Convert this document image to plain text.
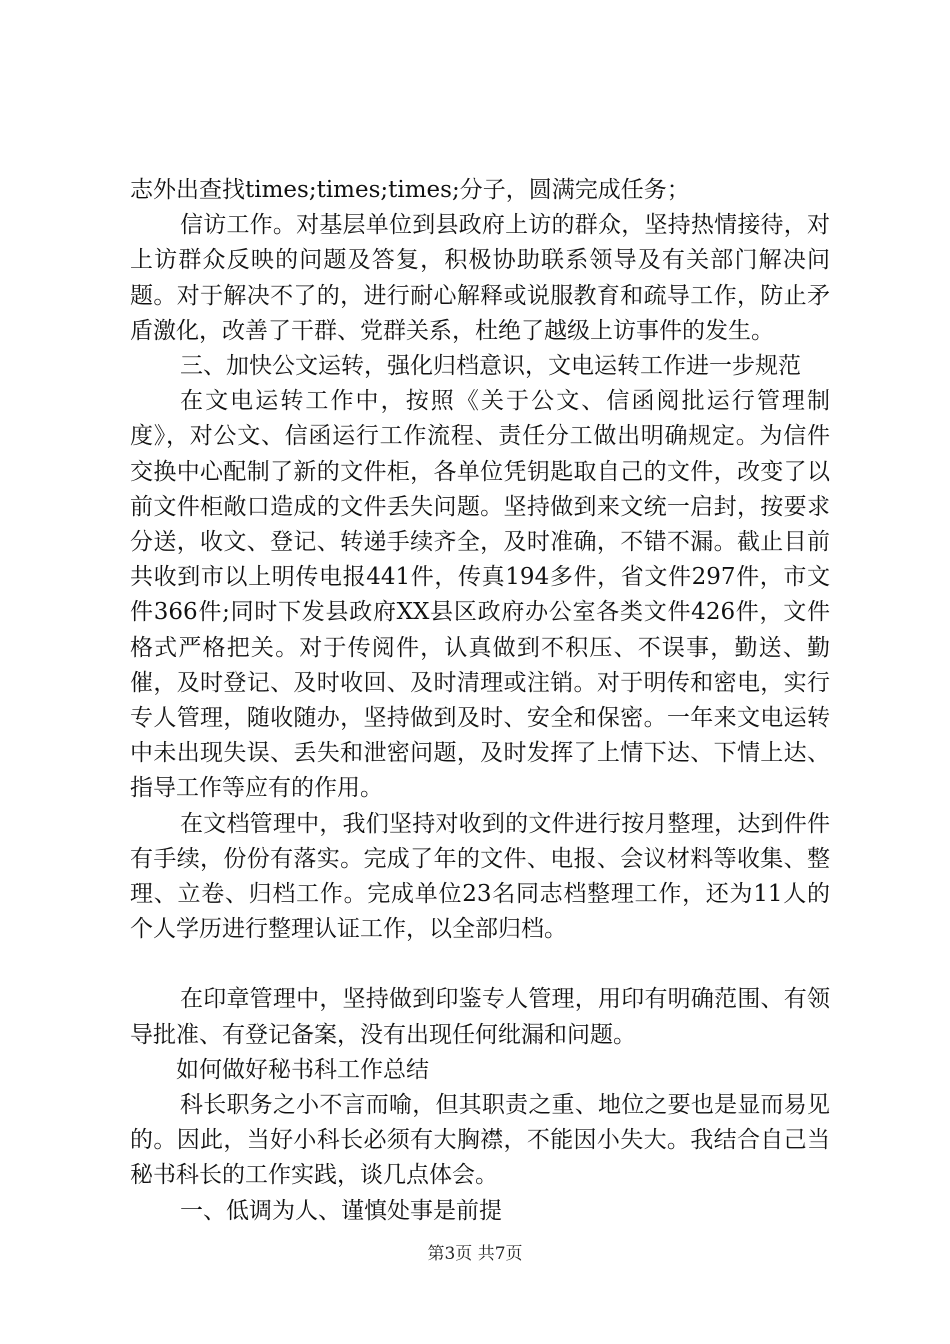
志外出查找times;times;times;分子，圆满完成任务；

信访工作。对基层单位到县政府上访的群众，坚持热情接待，对上访群众反映的问题及答复，积极协助联系领导及有关部门解决问题。对于解决不了的，进行耐心解释或说服教育和疏导工作，防止矛盾激化，改善了干群、党群关系，杜绝了越级上访事件的发生。

三、加快公文运转，强化归档意识，文电运转工作进一步规范

在文电运转工作中，按照《关于公文、信函阅批运行管理制度》，对公文、信函运行工作流程、责任分工做出明确规定。为信件交换中心配制了新的文件柜，各单位凭钥匙取自己的文件，改变了以前文件柜敞口造成的文件丢失问题。坚持做到来文统一启封，按要求分送，收文、登记、转递手续齐全，及时准确，不错不漏。截止目前共收到市以上明传电报441件，传真194多件，省文件297件，市文件366件;同时下发县政府XX县区政府办公室各类文件426件，文件格式严格把关。对于传阅件，认真做到不积压、不误事，勤送、勤催，及时登记、及时收回、及时清理或注销。对于明传和密电，实行专人管理，随收随办，坚持做到及时、安全和保密。一年来文电运转中未出现失误、丢失和泄密问题，及时发挥了上情下达、下情上达、指导工作等应有的作用。

在文档管理中，我们坚持对收到的文件进行按月整理，达到件件有手续，份份有落实。完成了年的文件、电报、会议材料等收集、整理、立卷、归档工作。完成单位23名同志档整理工作，还为11人的个人学历进行整理认证工作，以全部归档。

在印章管理中，坚持做到印鉴专人管理，用印有明确范围、有领导批准、有登记备案，没有出现任何纰漏和问题。

如何做好秘书科工作总结

科长职务之小不言而喻，但其职责之重、地位之要也是显而易见的。因此，当好小科长必须有大胸襟，不能因小失大。我结合自己当秘书科长的工作实践，谈几点体会。

一、低调为人、谨慎处事是前提

第3页 共7页
